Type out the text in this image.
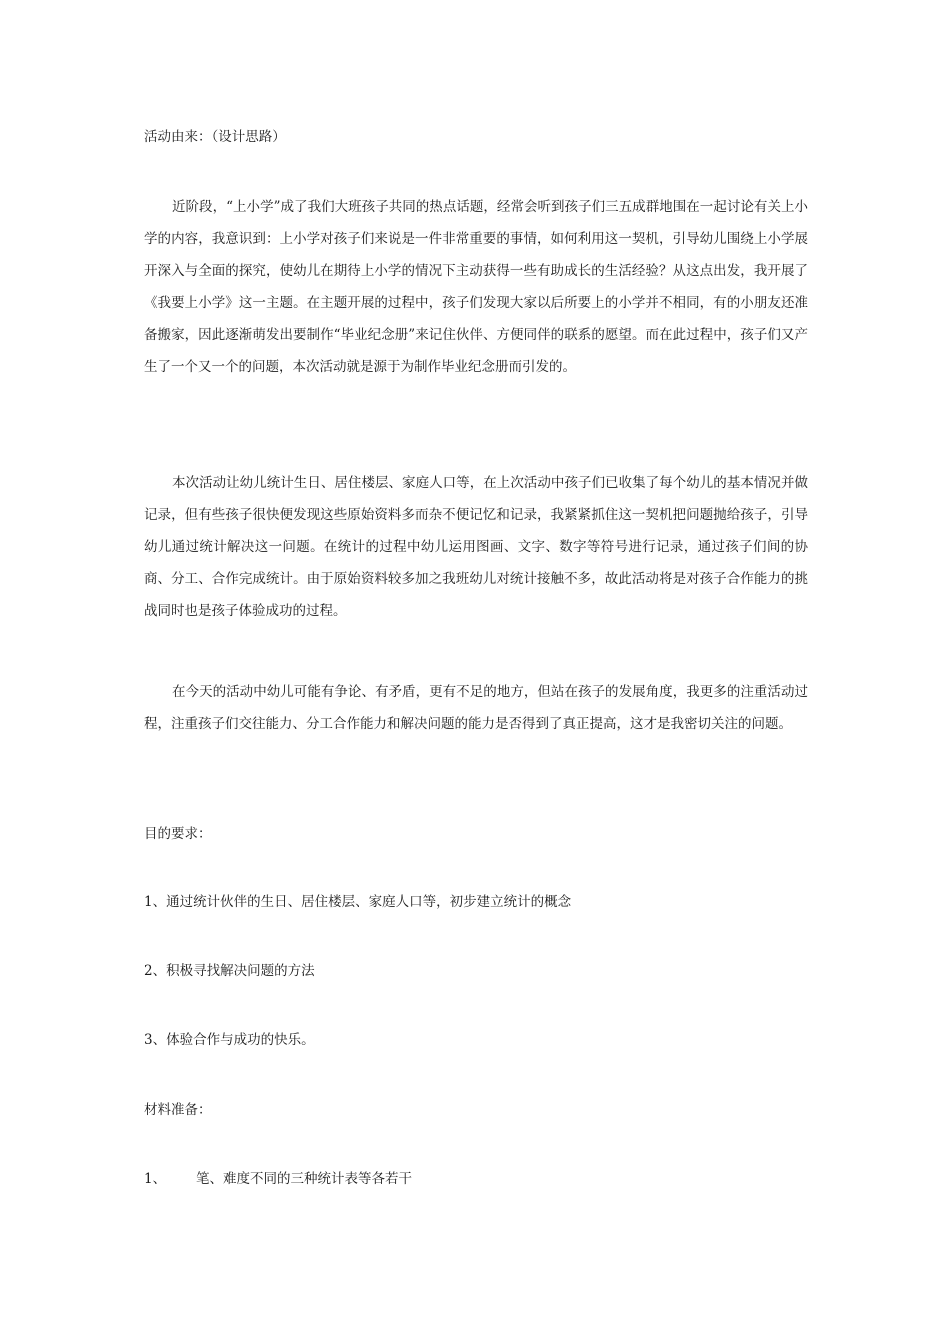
活动由来：（设计思路）

近阶段，“上小学”成了我们大班孩子共同的热点话题，经常会听到孩子们三五成群地围在一起讨论有关上小学的内容，我意识到：上小学对孩子们来说是一件非常重要的事情，如何利用这一契机，引导幼儿围绕上小学展开深入与全面的探究，使幼儿在期待上小学的情况下主动获得一些有助成长的生活经验？从这点出发，我开展了《我要上小学》这一主题。在主题开展的过程中，孩子们发现大家以后所要上的小学并不相同，有的小朋友还准备搬家，因此逐渐萌发出要制作“毕业纪念册”来记住伙伴、方便同伴的联系的愿望。而在此过程中，孩子们又产生了一个又一个的问题，本次活动就是源于为制作毕业纪念册而引发的。

本次活动让幼儿统计生日、居住楼层、家庭人口等，在上次活动中孩子们已收集了每个幼儿的基本情况并做记录，但有些孩子很快便发现这些原始资料多而杂不便记忆和记录，我紧紧抓住这一契机把问题抛给孩子，引导幼儿通过统计解决这一问题。在统计的过程中幼儿运用图画、文字、数字等符号进行记录，通过孩子们间的协商、分工、合作完成统计。由于原始资料较多加之我班幼儿对统计接触不多，故此活动将是对孩子合作能力的挑战同时也是孩子体验成功的过程。

在今天的活动中幼儿可能有争论、有矛盾，更有不足的地方，但站在孩子的发展角度，我更多的注重活动过程，注重孩子们交往能力、分工合作能力和解决问题的能力是否得到了真正提高，这才是我密切关注的问题。

目的要求：
1、通过统计伙伴的生日、居住楼层、家庭人口等，初步建立统计的概念
2、积极寻找解决问题的方法
3、体验合作与成功的快乐。
材料准备：
1、 笔、难度不同的三种统计表等各若干
